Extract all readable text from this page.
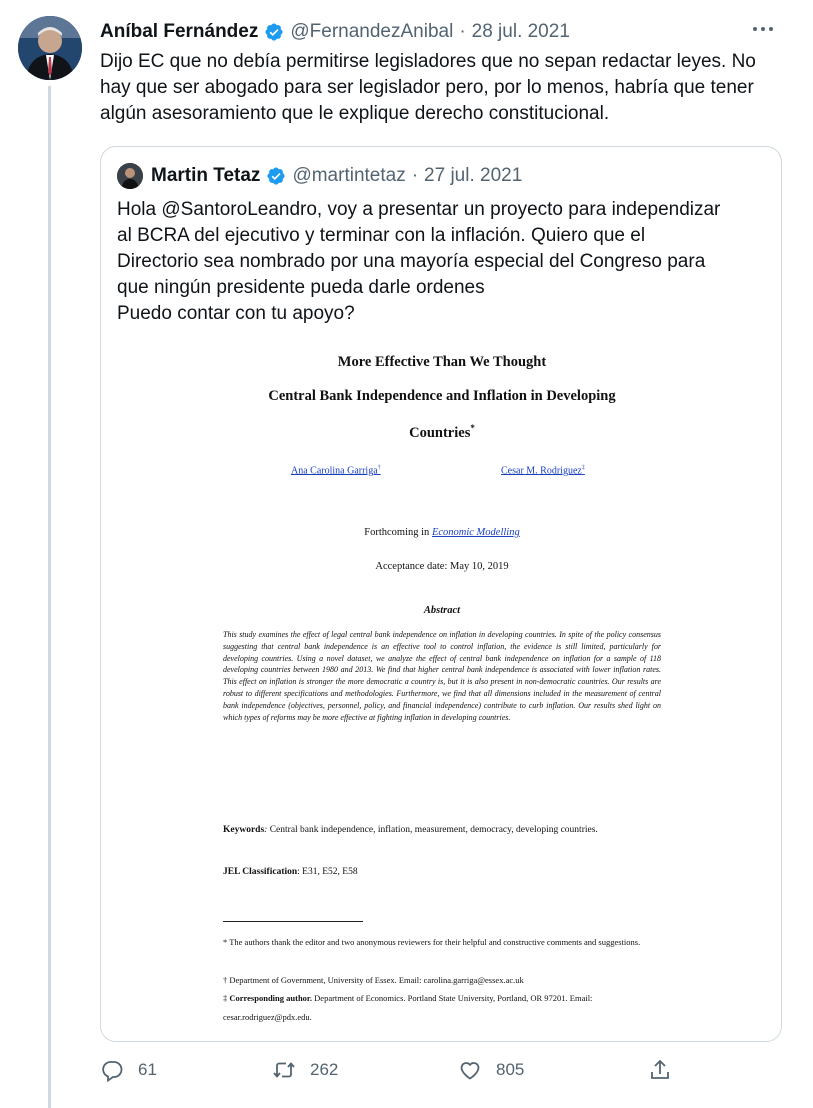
Aníbal Fernández @FernandezAnibal · 28 jul. 2021
Dijo EC que no debía permitirse legisladores que no sepan redactar leyes. No hay que ser abogado para ser legislador pero, por lo menos, habría que tener algún asesoramiento que le explique derecho constitucional.
Martin Tetaz @martintetaz · 27 jul. 2021
Hola @SantoroLeandro, voy a presentar un proyecto para independizar
al BCRA del ejecutivo y terminar con la inflación. Quiero que el
Directorio sea nombrado por una mayoría especial del Congreso para
que ningún presidente pueda darle ordenes
Puedo contar con tu apoyo?
More Effective Than We Thought
Central Bank Independence and Inflation in Developing
Countries*
Ana Carolina Garriga†	Cesar M. Rodriguez‡
Forthcoming in Economic Modelling
Acceptance date: May 10, 2019
Abstract
This study examines the effect of legal central bank independence on inflation in developing countries. In spite of the policy consensus suggesting that central bank independence is an effective tool to control inflation, the evidence is still limited, particularly for developing countries. Using a novel dataset, we analyze the effect of central bank independence on inflation for a sample of 118 developing countries between 1980 and 2013. We find that higher central bank independence is associated with lower inflation rates. This effect on inflation is stronger the more democratic a country is, but it is also present in non-democratic countries. Our results are robust to different specifications and methodologies. Furthermore, we find that all dimensions included in the measurement of central bank independence (objectives, personnel, policy, and financial independence) contribute to curb inflation. Our results shed light on which types of reforms may be more effective at fighting inflation in developing countries.
Keywords: Central bank independence, inflation, measurement, democracy, developing countries.
JEL Classification: E31, E52, E58
* The authors thank the editor and two anonymous reviewers for their helpful and constructive comments and suggestions.
† Department of Government, University of Essex. Email: carolina.garriga@essex.ac.uk
‡ Corresponding author. Department of Economics. Portland State University, Portland, OR 97201. Email: cesar.rodriguez@pdx.edu.
61	262	805
